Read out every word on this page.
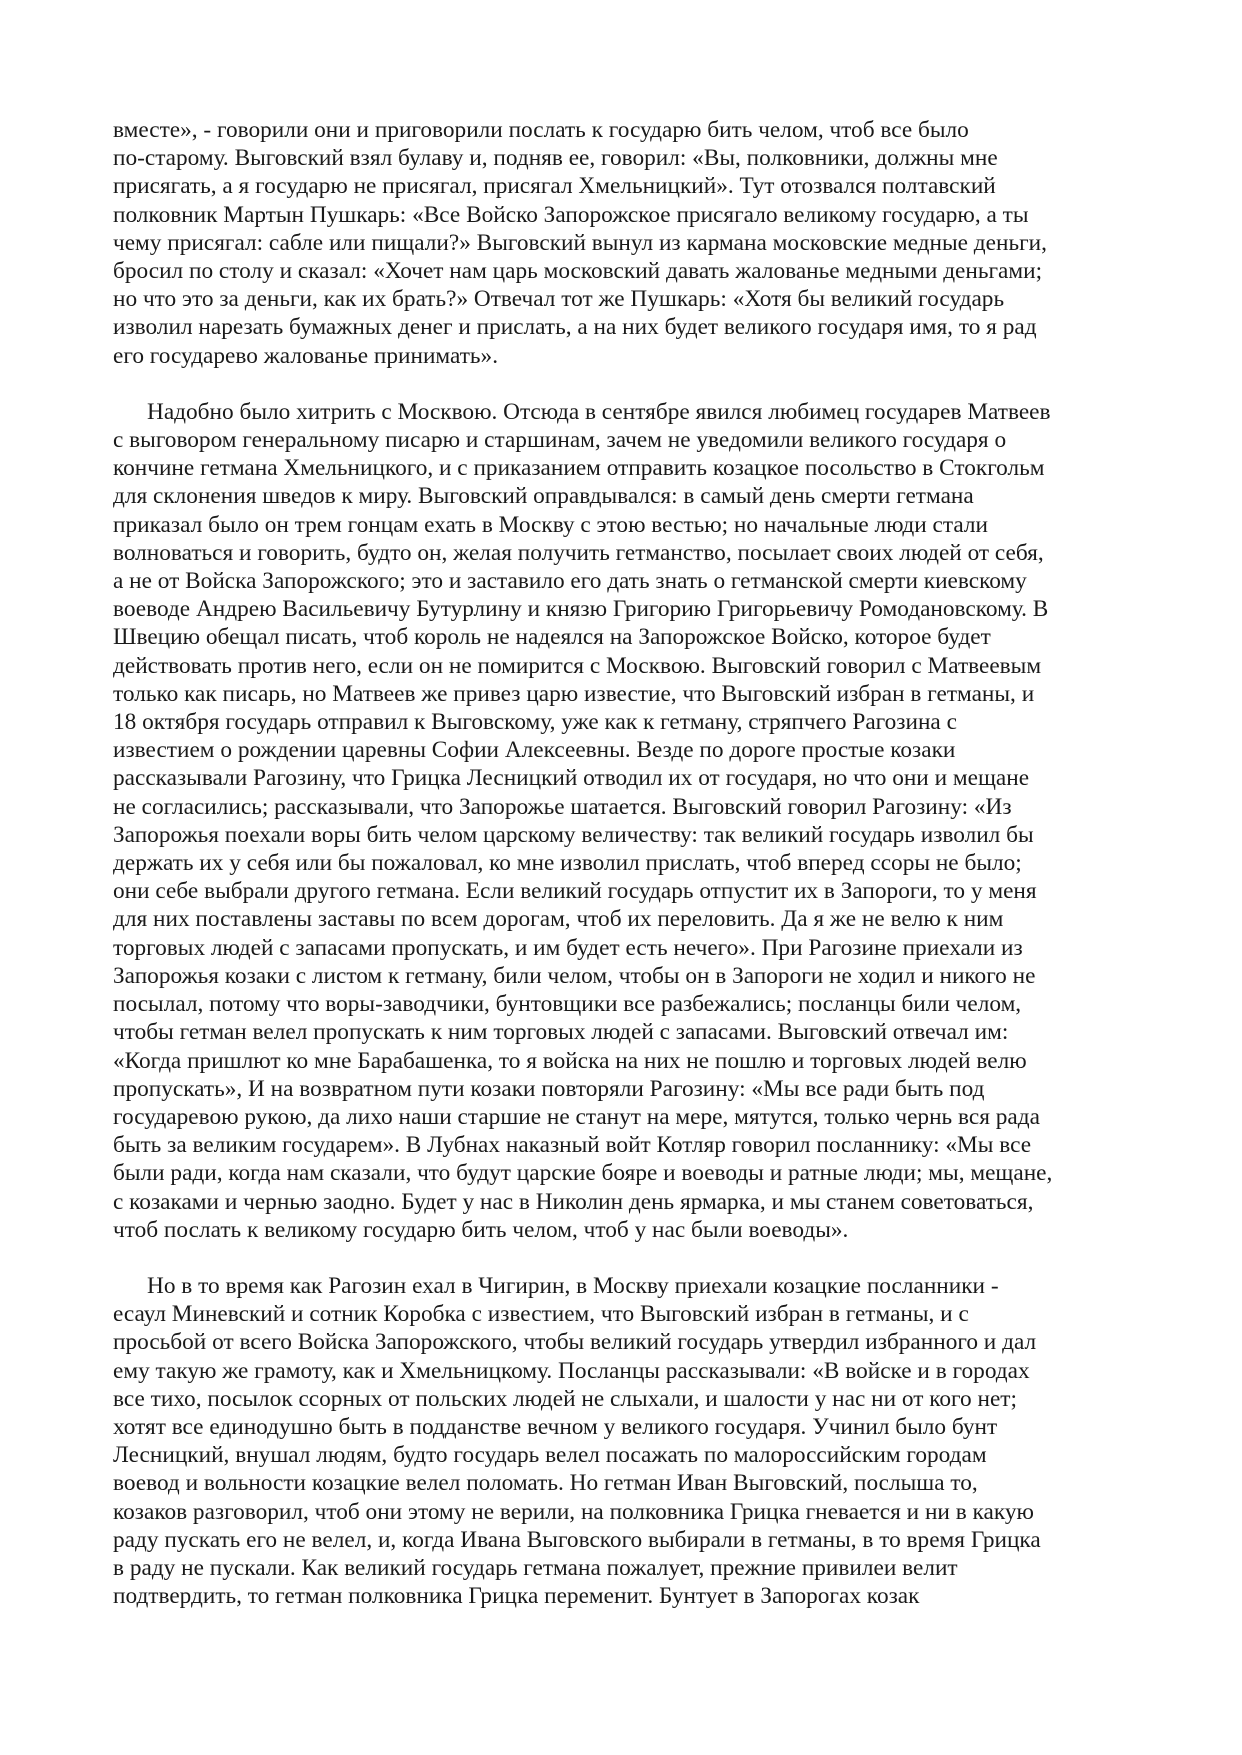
вместе», - говорили они и приговорили послать к государю бить челом, чтоб все было
по-старому. Выговский взял булаву и, подняв ее, говорил: «Вы, полковники, должны мне
присягать, а я государю не присягал, присягал Хмельницкий». Тут отозвался полтавский
полковник Мартын Пушкарь: «Все Войско Запорожское присягало великому государю, а ты
чему присягал: сабле или пищали?» Выговский вынул из кармана московские медные деньги,
бросил по столу и сказал: «Хочет нам царь московский давать жалованье медными деньгами;
но что это за деньги, как их брать?» Отвечал тот же Пушкарь: «Хотя бы великий государь
изволил нарезать бумажных денег и прислать, а на них будет великого государя имя, то я рад
его государево жалованье принимать».

Надобно было хитрить с Москвою. Отсюда в сентябре явился любимец государев Матвеев
с выговором генеральному писарю и старшинам, зачем не уведомили великого государя о
кончине гетмана Хмельницкого, и с приказанием отправить козацкое посольство в Стокгольм
для склонения шведов к миру. Выговский оправдывался: в самый день смерти гетмана
приказал было он трем гонцам ехать в Москву с этою вестью; но начальные люди стали
волноваться и говорить, будто он, желая получить гетманство, посылает своих людей от себя,
а не от Войска Запорожского; это и заставило его дать знать о гетманской смерти киевскому
воеводе Андрею Васильевичу Бутурлину и князю Григорию Григорьевичу Ромодановскому. В
Швецию обещал писать, чтоб король не надеялся на Запорожское Войско, которое будет
действовать против него, если он не помирится с Москвою. Выговский говорил с Матвеевым
только как писарь, но Матвеев же привез царю известие, что Выговский избран в гетманы, и
18 октября государь отправил к Выговскому, уже как к гетману, стряпчего Рагозина с
известием о рождении царевны Софии Алексеевны. Везде по дороге простые козаки
рассказывали Рагозину, что Грицка Лесницкий отводил их от государя, но что они и мещане
не согласились; рассказывали, что Запорожье шатается. Выговский говорил Рагозину: «Из
Запорожья поехали воры бить челом царскому величеству: так великий государь изволил бы
держать их у себя или бы пожаловал, ко мне изволил прислать, чтоб вперед ссоры не было;
они себе выбрали другого гетмана. Если великий государь отпустит их в Запороги, то у меня
для них поставлены заставы по всем дорогам, чтоб их переловить. Да я же не велю к ним
торговых людей с запасами пропускать, и им будет есть нечего». При Рагозине приехали из
Запорожья козаки с листом к гетману, били челом, чтобы он в Запороги не ходил и никого не
посылал, потому что воры-заводчики, бунтовщики все разбежались; посланцы били челом,
чтобы гетман велел пропускать к ним торговых людей с запасами. Выговский отвечал им:
«Когда пришлют ко мне Барабашенка, то я войска на них не пошлю и торговых людей велю
пропускать», И на возвратном пути козаки повторяли Рагозину: «Мы все ради быть под
государевою рукою, да лихо наши старшие не станут на мере, мятутся, только чернь вся рада
быть за великим государем». В Лубнах наказный войт Котляр говорил посланнику: «Мы все
были ради, когда нам сказали, что будут царские бояре и воеводы и ратные люди; мы, мещане,
с козаками и чернью заодно. Будет у нас в Николин день ярмарка, и мы станем советоваться,
чтоб послать к великому государю бить челом, чтоб у нас были воеводы».

Но в то время как Рагозин ехал в Чигирин, в Москву приехали козацкие посланники -
есаул Миневский и сотник Коробка с известием, что Выговский избран в гетманы, и с
просьбой от всего Войска Запорожского, чтобы великий государь утвердил избранного и дал
ему такую же грамоту, как и Хмельницкому. Посланцы рассказывали: «В войске и в городах
все тихо, посылок ссорных от польских людей не слыхали, и шалости у нас ни от кого нет;
хотят все единодушно быть в подданстве вечном у великого государя. Учинил было бунт
Лесницкий, внушал людям, будто государь велел посажать по малороссийским городам
воевод и вольности козацкие велел поломать. Но гетман Иван Выговский, послыша то,
козаков разговорил, чтоб они этому не верили, на полковника Грицка гневается и ни в какую
раду пускать его не велел, и, когда Ивана Выговского выбирали в гетманы, в то время Грицка
в раду не пускали. Как великий государь гетмана пожалует, прежние привилеи велит
подтвердить, то гетман полковника Грицка переменит. Бунтует в Запорогах козак
